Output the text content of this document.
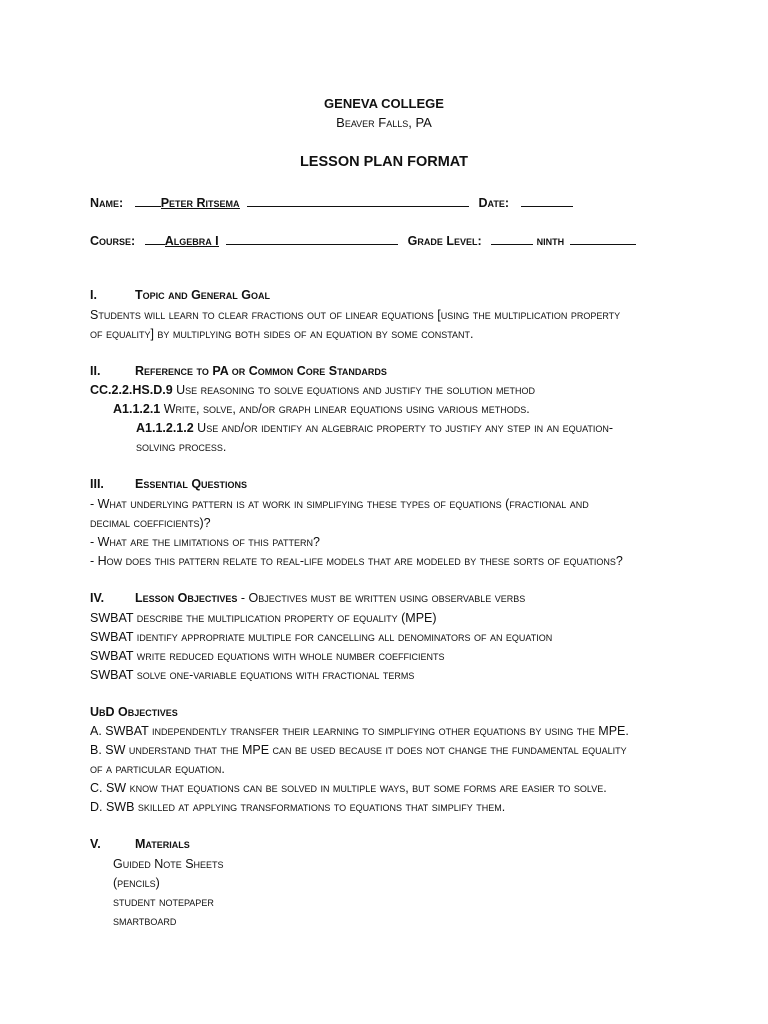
GENEVA COLLEGE
Beaver Falls, PA
LESSON PLAN FORMAT
Name:	Peter Ritsema	Date:
Course: Algebra I	Grade Level:	ninth
I.	Topic and General Goal
Students will learn to clear fractions out of linear equations [using the multiplication property
of equality] by multiplying both sides of an equation by some constant.
II.	Reference to PA or Common Core Standards
CC.2.2.HS.D.9 Use reasoning to solve equations and justify the solution method
A1.1.2.1 Write, solve, and/or graph linear equations using various methods.
A1.1.2.1.2 Use and/or identify an algebraic property to justify any step in an equation-
solving process.
III. Essential Questions
- What underlying pattern is at work in simplifying these types of equations (fractional and
decimal coefficients)?
- What are the limitations of this pattern?
- How does this pattern relate to real-life models that are modeled by these sorts of equations?
IV. Lesson Objectives - Objectives must be written using observable verbs
SWBAT describe the multiplication property of equality (MPE)
SWBAT identify appropriate multiple for cancelling all denominators of an equation
SWBAT write reduced equations with whole number coefficients
SWBAT solve one-variable equations with fractional terms
UbD Objectives
A. SWBAT independently transfer their learning to simplifying other equations by using the MPE.
B. SW understand that the MPE can be used because it does not change the fundamental equality
of a particular equation.
C. SW know that equations can be solved in multiple ways, but some forms are easier to solve.
D. SWB skilled at applying transformations to equations that simplify them.
V.	Materials
Guided Note Sheets
(pencils)
student notepaper
smartboard
